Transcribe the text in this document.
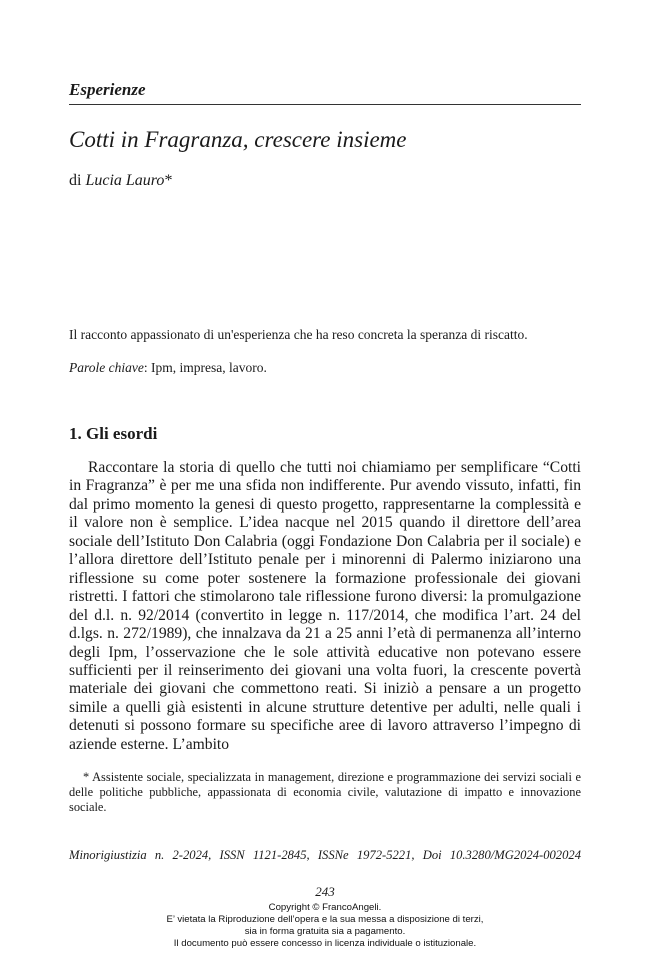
Esperienze
Cotti in Fragranza, crescere insieme

di Lucia Lauro*

Il racconto appassionato di un'esperienza che ha reso concreta la speranza di riscatto.

Parole chiave: Ipm, impresa, lavoro.

1. Gli esordi

Raccontare la storia di quello che tutti noi chiamiamo per semplificare “Cotti in Fragranza” è per me una sfida non indifferente. Pur avendo vissuto, infatti, fin dal primo momento la genesi di questo progetto, rappresentarne la complessità e il valore non è semplice. L’idea nacque nel 2015 quando il direttore dell’area sociale dell’Istituto Don Calabria (oggi Fondazione Don Calabria per il sociale) e l’allora direttore dell’Istituto penale per i minorenni di Palermo iniziarono una riflessione su come poter sostenere la formazione professionale dei giovani ristretti. I fattori che stimolarono tale riflessione furono diversi: la promulgazione del d.l. n. 92/2014 (convertito in legge n. 117/2014, che modifica l’art. 24 del d.lgs. n. 272/1989), che innalzava da 21 a 25 anni l’età di permanenza all’interno degli Ipm, l’osservazione che le sole attività educative non potevano essere sufficienti per il reinserimento dei giovani una volta fuori, la crescente povertà materiale dei giovani che commettono reati. Si iniziò a pensare a un progetto simile a quelli già esistenti in alcune strutture detentive per adulti, nelle quali i detenuti si possono formare su specifiche aree di lavoro attraverso l’impegno di aziende esterne. L’ambito

* Assistente sociale, specializzata in management, direzione e programmazione dei servizi sociali e delle politiche pubbliche, appassionata di economia civile, valutazione di impatto e innovazione sociale.

Minorigiustizia n. 2-2024, ISSN 1121-2845, ISSNe 1972-5221, Doi 10.3280/MG2024-002024

243

Copyright © FrancoAngeli.
E’ vietata la Riproduzione dell’opera e la sua messa a disposizione di terzi,
sia in forma gratuita sia a pagamento.
Il documento può essere concesso in licenza individuale o istituzionale.
